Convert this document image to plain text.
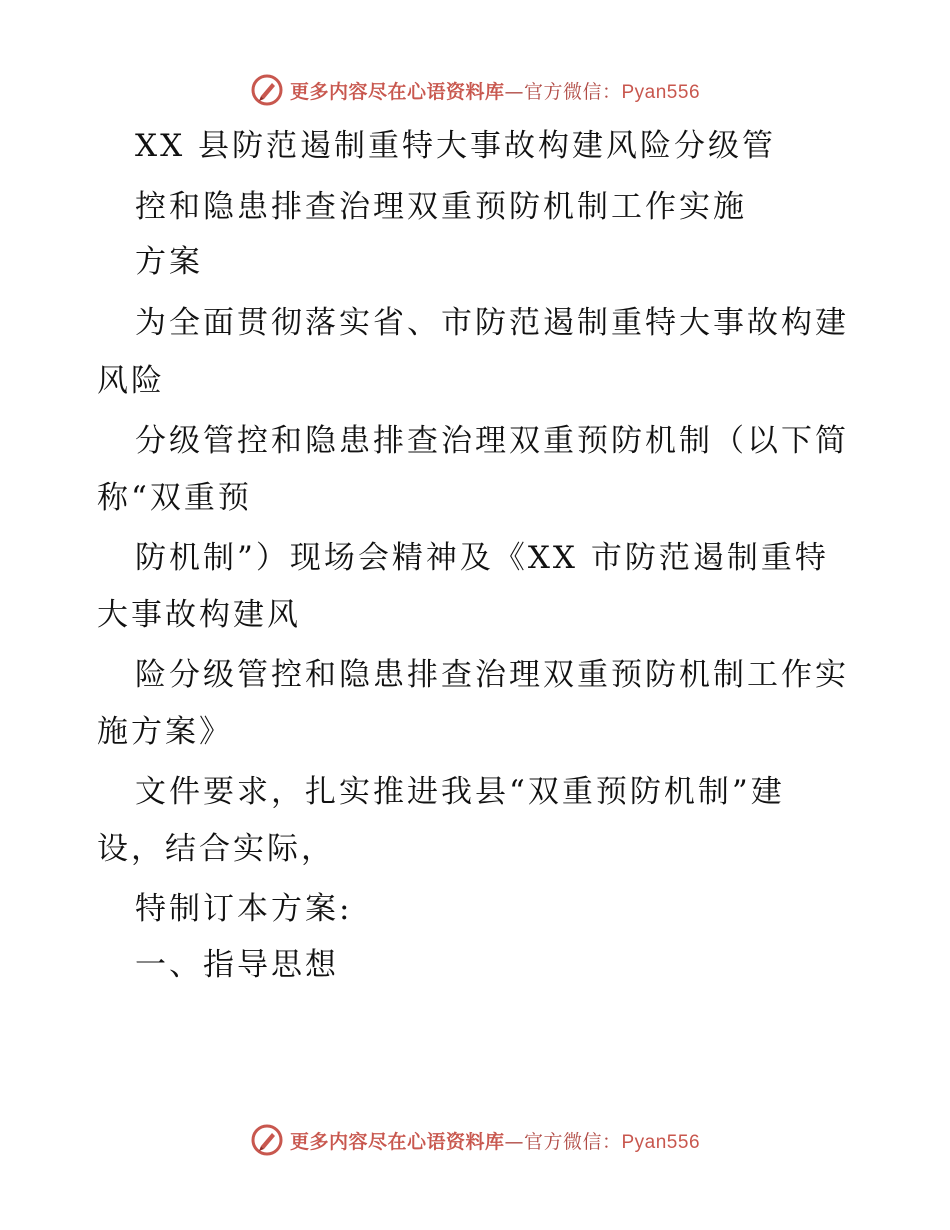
更多内容尽在心语资料库—官方微信：Pyan556
XX 县防范遏制重特大事故构建风险分级管
控和隐患排查治理双重预防机制工作实施
方案
为全面贯彻落实省、市防范遏制重特大事故构建
风险
分级管控和隐患排查治理双重预防机制（以下简
称“双重预
防机制”）现场会精神及《XX 市防范遏制重特
大事故构建风
险分级管控和隐患排查治理双重预防机制工作实
施方案》
文件要求，扎实推进我县“双重预防机制”建
设，结合实际，
特制订本方案:
一、指导思想
更多内容尽在心语资料库—官方微信：Pyan556
